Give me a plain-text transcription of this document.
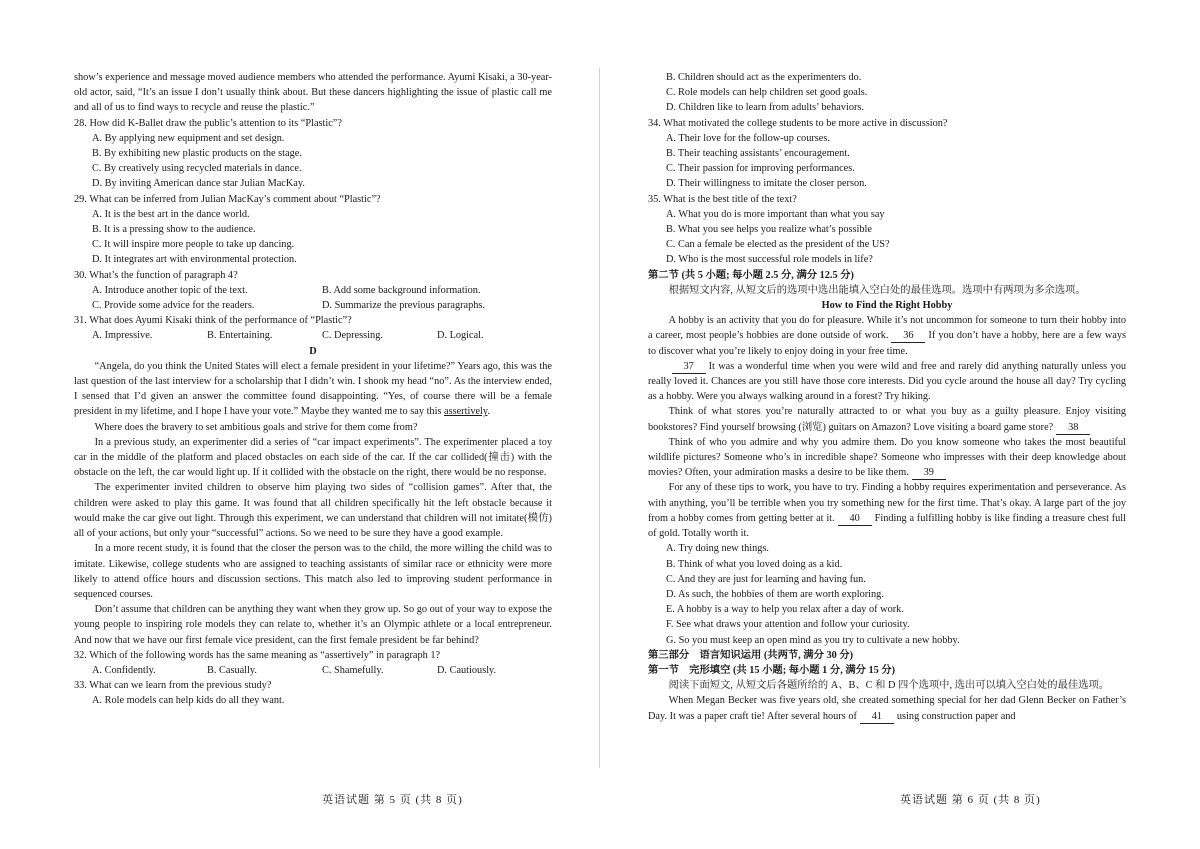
show’s experience and message moved audience members who attended the performance. Ayumi Kisaki, a 30-year-old actor, said, “It’s an issue I don’t usually think about. But these dancers highlighting the issue of plastic call me and all of us to find ways to recycle and reuse the plastic.”

28. How did K-Ballet draw the public’s attention to its “Plastic”?

A. By applying new equipment and set design.

B. By exhibiting new plastic products on the stage.

C. By creatively using recycled materials in dance.

D. By inviting American dance star Julian MacKay.

29. What can be inferred from Julian MacKay’s comment about “Plastic”?

A. It is the best art in the dance world.

B. It is a pressing show to the audience.

C. It will inspire more people to take up dancing.

D. It integrates art with environmental protection.

30. What’s the function of paragraph 4?

A. Introduce another topic of the text.	B. Add some background information.
C. Provide some advice for the readers.	D. Summarize the previous paragraphs.

31. What does Ayumi Kisaki think of the performance of “Plastic”?

A. Impressive.	B. Entertaining.	C. Depressing.	D. Logical.

D

“Angela, do you think the United States will elect a female president in your lifetime?” Years ago, this was the last question of the last interview for a scholarship that I didn’t win. I shook my head “no”. As the interview ended, I sensed that I’d given an answer the committee found disappointing. “Yes, of course there will be a female president in my lifetime, and I hope I have your vote.” Maybe they wanted me to say this assertively.

Where does the bravery to set ambitious goals and strive for them come from?

In a previous study, an experimenter did a series of “car impact experiments”. The experimenter placed a toy car in the middle of the platform and placed obstacles on each side of the car. If the car collided(撞击) with the obstacle on the left, the car would light up. If it collided with the obstacle on the right, there would be no response.

The experimenter invited children to observe him playing two sides of “collision games”. After that, the children were asked to play this game. It was found that all children specifically hit the left obstacle because it would make the car give out light. Through this experiment, we can understand that children will not imitate(模仿) all of your actions, but only your “successful” actions. So we need to be sure they have a good example.

In a more recent study, it is found that the closer the person was to the child, the more willing the child was to imitate. Likewise, college students who are assigned to teaching assistants of similar race or ethnicity were more likely to attend office hours and discussion sections. This match also led to improving student performance in sequenced courses.

Don’t assume that children can be anything they want when they grow up. So go out of your way to expose the young people to inspiring role models they can relate to, whether it’s an Olympic athlete or a local entrepreneur. And now that we have our first female vice president, can the first female president be far behind?

32. Which of the following words has the same meaning as “assertively” in paragraph 1?

A. Confidently.	B. Casually.	C. Shamefully.	D. Cautiously.

33. What can we learn from the previous study?

A. Role models can help kids do all they want.

B. Children should act as the experimenters do.

C. Role models can help children set good goals.

D. Children like to learn from adults’ behaviors.

34. What motivated the college students to be more active in discussion?

A. Their love for the follow-up courses.

B. Their teaching assistants’ encouragement.

C. Their passion for improving performances.

D. Their willingness to imitate the closer person.

35. What is the best title of the text?

A. What you do is more important than what you say

B. What you see helps you realize what’s possible

C. Can a female be elected as the president of the US?

D. Who is the most successful role models in life?

第二节 (共 5 小题; 每小题 2.5 分, 满分 12.5 分)

根据短文内容, 从短文后的选项中选出能填入空白处的最佳选项。选项中有两项为多余选项。

How to Find the Right Hobby

A hobby is an activity that you do for pleasure. While it’s not uncommon for someone to turn their hobby into a career, most people’s hobbies are done outside of work. 36 If you don’t have a hobby, here are a few ways to discover what you’re likely to enjoy doing in your free time.

37 It was a wonderful time when you were wild and free and rarely did anything naturally unless you really loved it. Chances are you still have those core interests. Did you cycle around the house all day? Try cycling as a hobby. Were you always walking around in a forest? Try hiking.

Think of what stores you’re naturally attracted to or what you buy as a guilty pleasure. Enjoy visiting bookstores? Find yourself browsing (浏览) guitars on Amazon? Love visiting a board game store? 38

Think of who you admire and why you admire them. Do you know someone who takes the most beautiful wildlife pictures? Someone who’s in incredible shape? Someone who impresses with their deep knowledge about movies? Often, your admiration masks a desire to be like them. 39

For any of these tips to work, you have to try. Finding a hobby requires experimentation and perseverance. As with anything, you’ll be terrible when you try something new for the first time. That’s okay. A large part of the joy from a hobby comes from getting better at it. 40 Finding a fulfilling hobby is like finding a treasure chest full of gold. Totally worth it.

A. Try doing new things.

B. Think of what you loved doing as a kid.

C. And they are just for learning and having fun.

D. As such, the hobbies of them are worth exploring.

E. A hobby is a way to help you relax after a day of work.

F. See what draws your attention and follow your curiosity.

G. So you must keep an open mind as you try to cultivate a new hobby.

第三部分　语言知识运用 (共两节, 满分 30 分)

第一节　完形填空 (共 15 小题; 每小题 1 分, 满分 15 分)

阅读下面短文, 从短文后各题所给的 A、B、C 和 D 四个选项中, 选出可以填入空白处的最佳选项。

When Megan Becker was five years old, she created something special for her dad Glenn Becker on Father’s Day. It was a paper craft tie! After several hours of 41 using construction paper and

英语试题 第 5 页 (共 8 页)	英语试题 第 6 页 (共 8 页)
